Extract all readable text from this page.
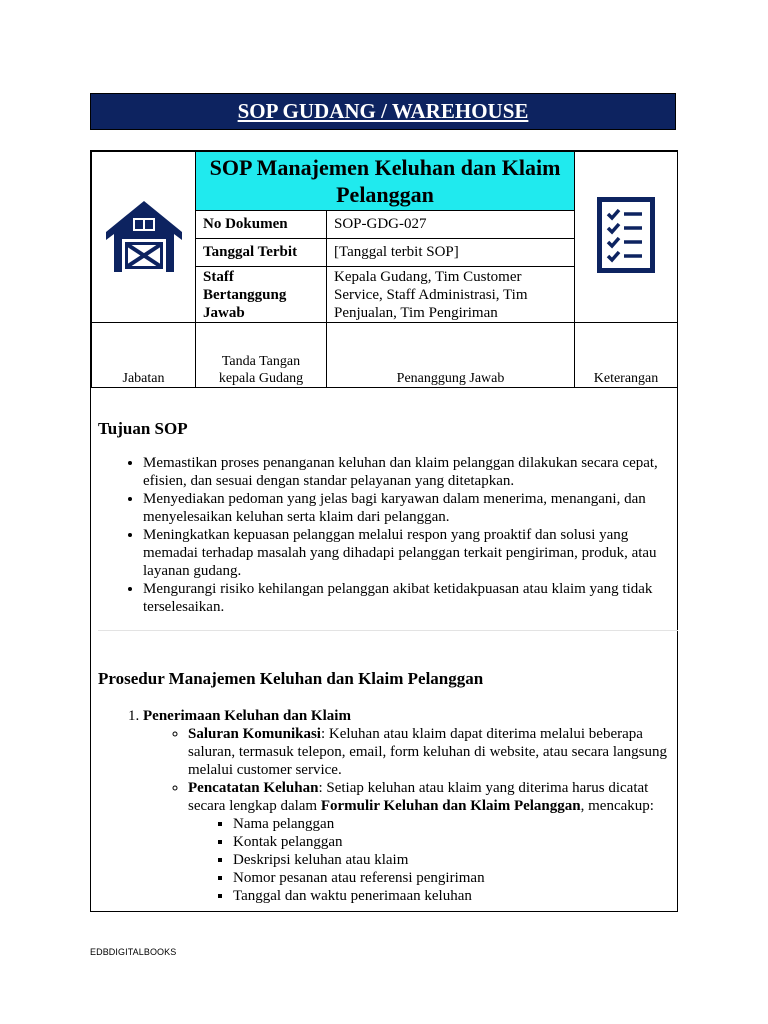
SOP GUDANG / WAREHOUSE
	SOP Manajemen Keluhan dan Klaim Pelanggan	
	No Dokumen	SOP-GDG-027	
	Tanggal Terbit	[Tanggal terbit SOP]	
	Staff Bertanggung Jawab	Kepala Gudang, Tim Customer Service, Staff Administrasi, Tim Penjualan, Tim Pengiriman	
Jabatan	Tanda Tangan kepala Gudang	Penanggung Jawab	Keterangan
Tujuan SOP
• Memastikan proses penanganan keluhan dan klaim pelanggan dilakukan secara cepat, efisien, dan sesuai dengan standar pelayanan yang ditetapkan.
• Menyediakan pedoman yang jelas bagi karyawan dalam menerima, menangani, dan menyelesaikan keluhan serta klaim dari pelanggan.
• Meningkatkan kepuasan pelanggan melalui respon yang proaktif dan solusi yang memadai terhadap masalah yang dihadapi pelanggan terkait pengiriman, produk, atau layanan gudang.
• Mengurangi risiko kehilangan pelanggan akibat ketidakpuasan atau klaim yang tidak terselesaikan.
Prosedur Manajemen Keluhan dan Klaim Pelanggan
1. Penerimaan Keluhan dan Klaim
◦ Saluran Komunikasi: Keluhan atau klaim dapat diterima melalui beberapa saluran, termasuk telepon, email, form keluhan di website, atau secara langsung melalui customer service.
◦ Pencatatan Keluhan: Setiap keluhan atau klaim yang diterima harus dicatat secara lengkap dalam Formulir Keluhan dan Klaim Pelanggan, mencakup:
▪ Nama pelanggan
▪ Kontak pelanggan
▪ Deskripsi keluhan atau klaim
▪ Nomor pesanan atau referensi pengiriman
▪ Tanggal dan waktu penerimaan keluhan
EDBDIGITALBOOKS
